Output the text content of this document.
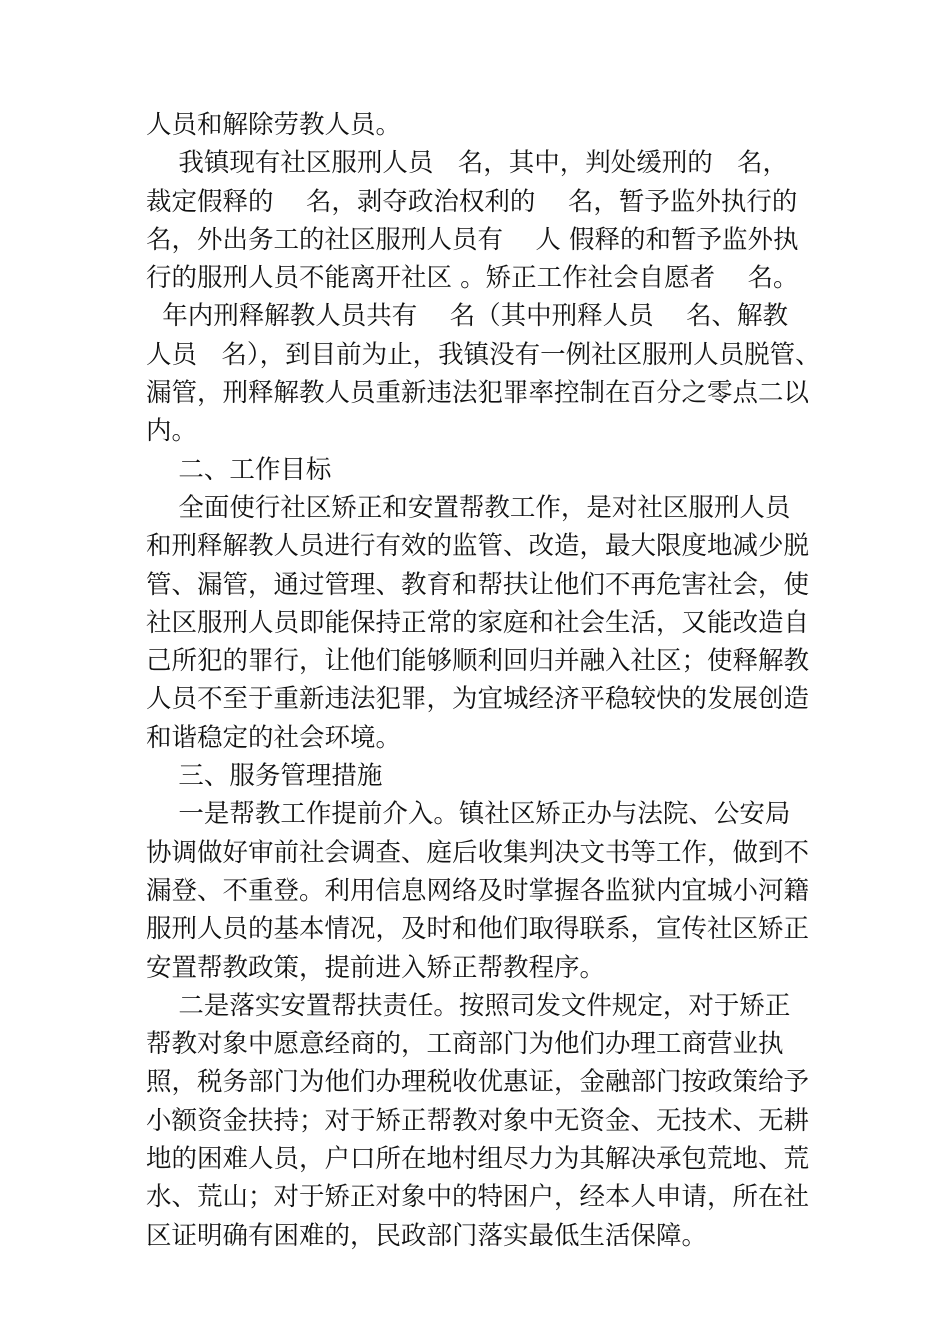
人员和解除劳教人员。
我镇现有社区服刑人员   名，其中，判处缓刑的   名，
裁定假释的    名，剥夺政治权利的    名，暂予监外执行的
名，外出务工的社区服刑人员有    人 假释的和暂予监外执
行的服刑人员不能离开社区 。矫正工作社会自愿者    名。
年内刑释解教人员共有    名（其中刑释人员    名、解教
人员   名），到目前为止，我镇没有一例社区服刑人员脱管、
漏管，刑释解教人员重新违法犯罪率控制在百分之零点二以
内。
二、工作目标
全面使行社区矫正和安置帮教工作，是对社区服刑人员
和刑释解教人员进行有效的监管、改造，最大限度地减少脱
管、漏管，通过管理、教育和帮扶让他们不再危害社会，使
社区服刑人员即能保持正常的家庭和社会生活，又能改造自
己所犯的罪行，让他们能够顺利回归并融入社区；使释解教
人员不至于重新违法犯罪，为宜城经济平稳较快的发展创造
和谐稳定的社会环境。
三、服务管理措施
一是帮教工作提前介入。镇社区矫正办与法院、公安局
协调做好审前社会调查、庭后收集判决文书等工作，做到不
漏登、不重登。利用信息网络及时掌握各监狱内宜城小河籍
服刑人员的基本情况，及时和他们取得联系，宣传社区矫正
安置帮教政策，提前进入矫正帮教程序。
二是落实安置帮扶责任。按照司发文件规定，对于矫正
帮教对象中愿意经商的，工商部门为他们办理工商营业执
照，税务部门为他们办理税收优惠证，金融部门按政策给予
小额资金扶持；对于矫正帮教对象中无资金、无技术、无耕
地的困难人员，户口所在地村组尽力为其解决承包荒地、荒
水、荒山；对于矫正对象中的特困户，经本人申请，所在社
区证明确有困难的，民政部门落实最低生活保障。
